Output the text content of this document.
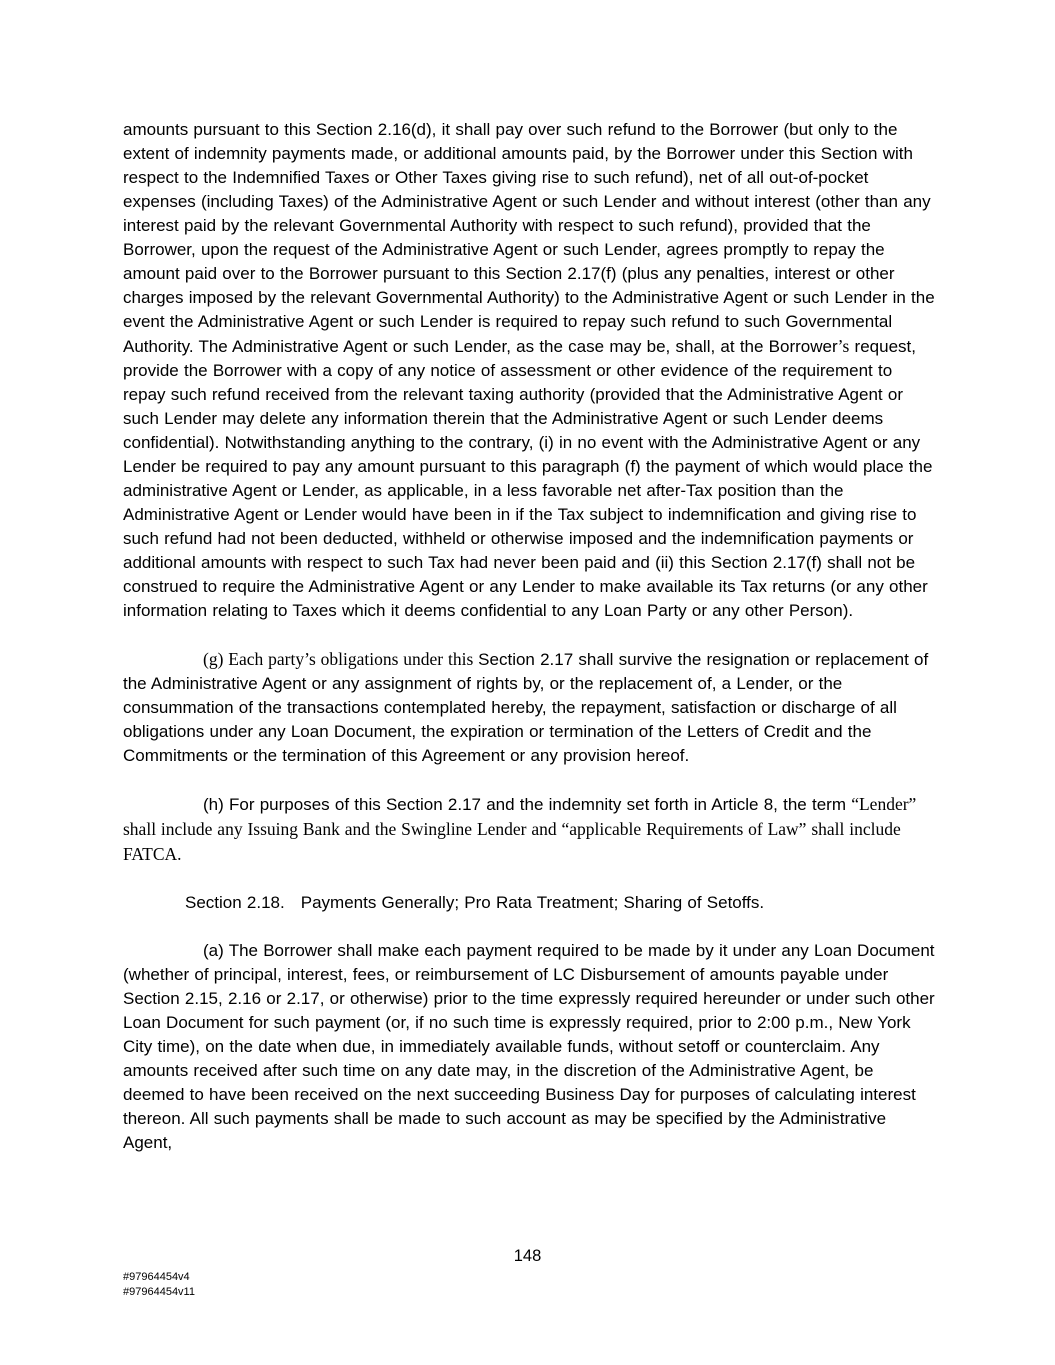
amounts pursuant to this Section 2.16(d), it shall pay over such refund to the Borrower (but only to the extent of indemnity payments made, or additional amounts paid, by the Borrower under this Section with respect to the Indemnified Taxes or Other Taxes giving rise to such refund), net of all out-of-pocket expenses (including Taxes) of the Administrative Agent or such Lender and without interest (other than any interest paid by the relevant Governmental Authority with respect to such refund), provided that the Borrower, upon the request of the Administrative Agent or such Lender, agrees promptly to repay the amount paid over to the Borrower pursuant to this Section 2.17(f) (plus any penalties, interest or other charges imposed by the relevant Governmental Authority) to the Administrative Agent or such Lender in the event the Administrative Agent or such Lender is required to repay such refund to such Governmental Authority. The Administrative Agent or such Lender, as the case may be, shall, at the Borrower’s request, provide the Borrower with a copy of any notice of assessment or other evidence of the requirement to repay such refund received from the relevant taxing authority (provided that the Administrative Agent or such Lender may delete any information therein that the Administrative Agent or such Lender deems confidential). Notwithstanding anything to the contrary, (i) in no event with the Administrative Agent or any Lender be required to pay any amount pursuant to this paragraph (f) the payment of which would place the administrative Agent or Lender, as applicable, in a less favorable net after-Tax position than the Administrative Agent or Lender would have been in if the Tax subject to indemnification and giving rise to such refund had not been deducted, withheld or otherwise imposed and the indemnification payments or additional amounts with respect to such Tax had never been paid and (ii) this Section 2.17(f) shall not be construed to require the Administrative Agent or any Lender to make available its Tax returns (or any other information relating to Taxes which it deems confidential to any Loan Party or any other Person).

(g) Each party’s obligations under this Section 2.17 shall survive the resignation or replacement of the Administrative Agent or any assignment of rights by, or the replacement of, a Lender, or the consummation of the transactions contemplated hereby, the repayment, satisfaction or discharge of all obligations under any Loan Document, the expiration or termination of the Letters of Credit and the Commitments or the termination of this Agreement or any provision hereof.

(h) For purposes of this Section 2.17 and the indemnity set forth in Article 8, the term “Lender” shall include any Issuing Bank and the Swingline Lender and “applicable Requirements of Law” shall include FATCA.

Section 2.18. Payments Generally; Pro Rata Treatment; Sharing of Setoffs.

(a) The Borrower shall make each payment required to be made by it under any Loan Document (whether of principal, interest, fees, or reimbursement of LC Disbursement of amounts payable under Section 2.15, 2.16 or 2.17, or otherwise) prior to the time expressly required hereunder or under such other Loan Document for such payment (or, if no such time is expressly required, prior to 2:00 p.m., New York City time), on the date when due, in immediately available funds, without setoff or counterclaim. Any amounts received after such time on any date may, in the discretion of the Administrative Agent, be deemed to have been received on the next succeeding Business Day for purposes of calculating interest thereon. All such payments shall be made to such account as may be specified by the Administrative Agent,

148
#97964454v4
#97964454v11
